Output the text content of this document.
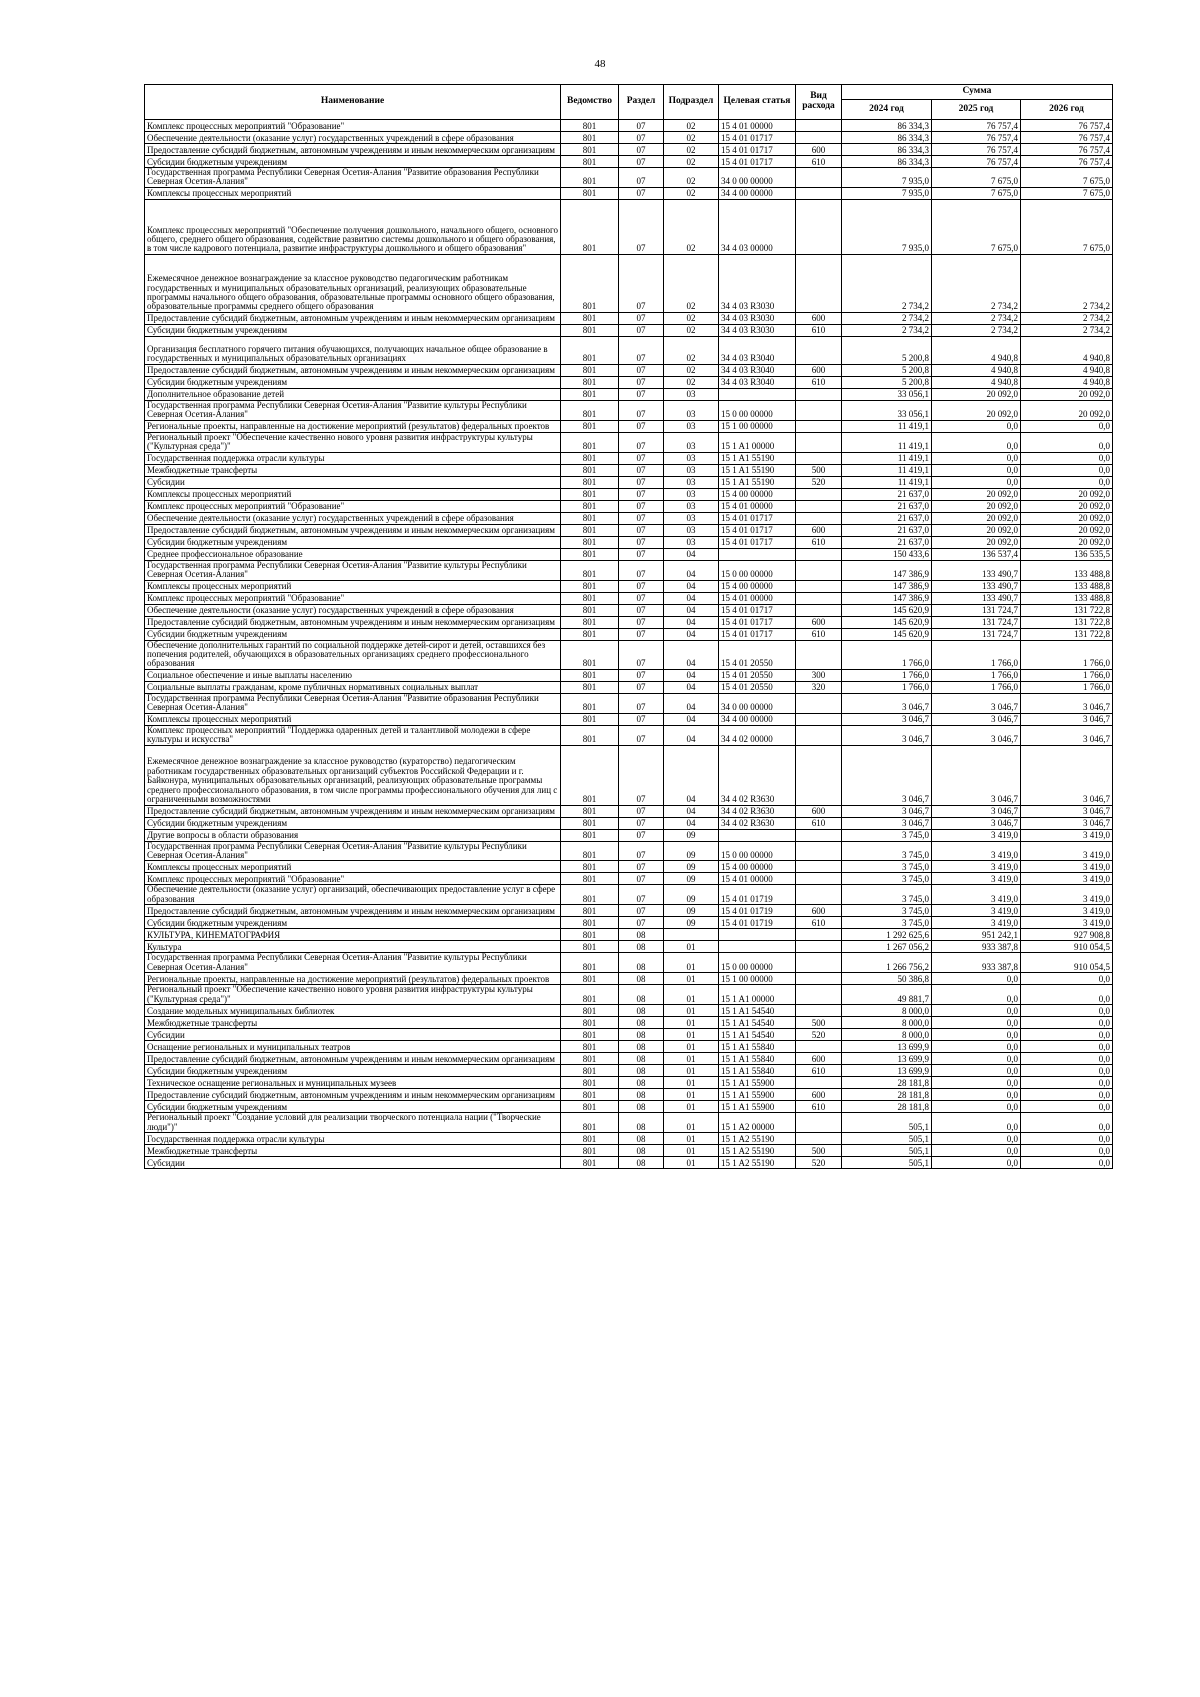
48
Наименование	Ведомство	Раздел	Подраздел	Целевая статья	Вид расхода	Сумма		
						2024 год	2025 год	2026 год
Комплекс процессных мероприятий "Образование"	801	07	02	15 4 01 00000		86 334,3	76 757,4	76 757,4
Обеспечение деятельности (оказание услуг) государственных учреждений в сфере образования	801	07	02	15 4 01 01717		86 334,3	76 757,4	76 757,4
Предоставление субсидий бюджетным, автономным учреждениям и иным некоммерческим организациям	801	07	02	15 4 01 01717	600	86 334,3	76 757,4	76 757,4
Субсидии бюджетным учреждениям	801	07	02	15 4 01 01717	610	86 334,3	76 757,4	76 757,4
Государственная программа Республики Северная Осетия-Алания "Развитие образования Республики Северная Осетия-Алания"	801	07	02	34 0 00 00000		7 935,0	7 675,0	7 675,0
Комплексы процессных мероприятий	801	07	02	34 4 00 00000		7 935,0	7 675,0	7 675,0
Комплекс процессных мероприятий "Обеспечение получения дошкольного, начального общего, основного общего, среднего общего образования, содействие развитию системы дошкольного и общего образования, в том числе кадрового потенциала, развитие инфраструктуры дошкольного и общего образования"	801	07	02	34 4 03 00000		7 935,0	7 675,0	7 675,0
Ежемесячное денежное вознаграждение за классное руководство педагогическим работникам государственных и муниципальных образовательных организаций, реализующих образовательные программы начального общего образования, образовательные программы основного общего образования, образовательные программы среднего общего образования	801	07	02	34 4 03 R3030		2 734,2	2 734,2	2 734,2
Предоставление субсидий бюджетным, автономным учреждениям и иным некоммерческим организациям	801	07	02	34 4 03 R3030	600	2 734,2	2 734,2	2 734,2
Субсидии бюджетным учреждениям	801	07	02	34 4 03 R3030	610	2 734,2	2 734,2	2 734,2
Организация бесплатного горячего питания обучающихся, получающих начальное общее образование в государственных и муниципальных образовательных организациях	801	07	02	34 4 03 R3040		5 200,8	4 940,8	4 940,8
Предоставление субсидий бюджетным, автономным учреждениям и иным некоммерческим организациям	801	07	02	34 4 03 R3040	600	5 200,8	4 940,8	4 940,8
Субсидии бюджетным учреждениям	801	07	02	34 4 03 R3040	610	5 200,8	4 940,8	4 940,8
Дополнительное образование детей	801	07	03			33 056,1	20 092,0	20 092,0
Государственная программа Республики Северная Осетия-Алания "Развитие культуры Республики Северная Осетия-Алания"	801	07	03	15 0 00 00000		33 056,1	20 092,0	20 092,0
Региональные проекты, направленные на достижение мероприятий (результатов) федеральных проектов	801	07	03	15 1 00 00000		11 419,1	0,0	0,0
Региональный проект "Обеспечение качественно нового уровня развития инфраструктуры культуры ("Культурная среда")"	801	07	03	15 1 A1 00000		11 419,1	0,0	0,0
Государственная поддержка отрасли культуры	801	07	03	15 1 A1 55190		11 419,1	0,0	0,0
Межбюджетные трансферты	801	07	03	15 1 A1 55190	500	11 419,1	0,0	0,0
Субсидии	801	07	03	15 1 A1 55190	520	11 419,1	0,0	0,0
Комплексы процессных мероприятий	801	07	03	15 4 00 00000		21 637,0	20 092,0	20 092,0
Комплекс процессных мероприятий "Образование"	801	07	03	15 4 01 00000		21 637,0	20 092,0	20 092,0
Обеспечение деятельности (оказание услуг) государственных учреждений в сфере образования	801	07	03	15 4 01 01717		21 637,0	20 092,0	20 092,0
Предоставление субсидий бюджетным, автономным учреждениям и иным некоммерческим организациям	801	07	03	15 4 01 01717	600	21 637,0	20 092,0	20 092,0
Субсидии бюджетным учреждениям	801	07	03	15 4 01 01717	610	21 637,0	20 092,0	20 092,0
Среднее профессиональное образование	801	07	04			150 433,6	136 537,4	136 535,5
Государственная программа Республики Северная Осетия-Алания "Развитие культуры Республики Северная Осетия-Алания"	801	07	04	15 0 00 00000		147 386,9	133 490,7	133 488,8
Комплексы процессных мероприятий	801	07	04	15 4 00 00000		147 386,9	133 490,7	133 488,8
Комплекс процессных мероприятий "Образование"	801	07	04	15 4 01 00000		147 386,9	133 490,7	133 488,8
Обеспечение деятельности (оказание услуг) государственных учреждений в сфере образования	801	07	04	15 4 01 01717		145 620,9	131 724,7	131 722,8
Предоставление субсидий бюджетным, автономным учреждениям и иным некоммерческим организациям	801	07	04	15 4 01 01717	600	145 620,9	131 724,7	131 722,8
Субсидии бюджетным учреждениям	801	07	04	15 4 01 01717	610	145 620,9	131 724,7	131 722,8
Обеспечение дополнительных гарантий по социальной поддержке детей-сирот и детей, оставшихся без попечения родителей, обучающихся в образовательных организациях среднего профессионального образования	801	07	04	15 4 01 20550		1 766,0	1 766,0	1 766,0
Социальное обеспечение и иные выплаты населению	801	07	04	15 4 01 20550	300	1 766,0	1 766,0	1 766,0
Социальные выплаты гражданам, кроме публичных нормативных социальных выплат	801	07	04	15 4 01 20550	320	1 766,0	1 766,0	1 766,0
Государственная программа Республики Северная Осетия-Алания "Развитие образования Республики Северная Осетия-Алания"	801	07	04	34 0 00 00000		3 046,7	3 046,7	3 046,7
Комплексы процессных мероприятий	801	07	04	34 4 00 00000		3 046,7	3 046,7	3 046,7
Комплекс процессных мероприятий "Поддержка одаренных детей и талантливой молодежи в сфере культуры и искусства"	801	07	04	34 4 02 00000		3 046,7	3 046,7	3 046,7
Ежемесячное денежное вознаграждение за классное руководство (кураторство) педагогическим работникам государственных образовательных организаций субъектов Российской Федерации и г. Байконура, муниципальных образовательных организаций, реализующих образовательные программы среднего профессионального образования, в том числе программы профессионального обучения для лиц с ограниченными возможностями	801	07	04	34 4 02 R3630		3 046,7	3 046,7	3 046,7
Предоставление субсидий бюджетным, автономным учреждениям и иным некоммерческим организациям	801	07	04	34 4 02 R3630	600	3 046,7	3 046,7	3 046,7
Субсидии бюджетным учреждениям	801	07	04	34 4 02 R3630	610	3 046,7	3 046,7	3 046,7
Другие вопросы в области образования	801	07	09			3 745,0	3 419,0	3 419,0
Государственная программа Республики Северная Осетия-Алания "Развитие культуры Республики Северная Осетия-Алания"	801	07	09	15 0 00 00000		3 745,0	3 419,0	3 419,0
Комплексы процессных мероприятий	801	07	09	15 4 00 00000		3 745,0	3 419,0	3 419,0
Комплекс процессных мероприятий "Образование"	801	07	09	15 4 01 00000		3 745,0	3 419,0	3 419,0
Обеспечение деятельности (оказание услуг) организаций, обеспечивающих предоставление услуг в сфере образования	801	07	09	15 4 01 01719		3 745,0	3 419,0	3 419,0
Предоставление субсидий бюджетным, автономным учреждениям и иным некоммерческим организациям	801	07	09	15 4 01 01719	600	3 745,0	3 419,0	3 419,0
Субсидии бюджетным учреждениям	801	07	09	15 4 01 01719	610	3 745,0	3 419,0	3 419,0
КУЛЬТУРА, КИНЕМАТОГРАФИЯ	801	08				1 292 625,6	951 242,1	927 908,8
Культура	801	08	01			1 267 056,2	933 387,8	910 054,5
Государственная программа Республики Северная Осетия-Алания "Развитие культуры Республики Северная Осетия-Алания"	801	08	01	15 0 00 00000		1 266 756,2	933 387,8	910 054,5
Региональные проекты, направленные на достижение мероприятий (результатов) федеральных проектов	801	08	01	15 1 00 00000		50 386,8	0,0	0,0
Региональный проект "Обеспечение качественно нового уровня развития инфраструктуры культуры ("Культурная среда")"	801	08	01	15 1 A1 00000		49 881,7	0,0	0,0
Создание модельных муниципальных библиотек	801	08	01	15 1 A1 54540		8 000,0	0,0	0,0
Межбюджетные трансферты	801	08	01	15 1 A1 54540	500	8 000,0	0,0	0,0
Субсидии	801	08	01	15 1 A1 54540	520	8 000,0	0,0	0,0
Оснащение региональных и муниципальных театров	801	08	01	15 1 A1 55840		13 699,9	0,0	0,0
Предоставление субсидий бюджетным, автономным учреждениям и иным некоммерческим организациям	801	08	01	15 1 A1 55840	600	13 699,9	0,0	0,0
Субсидии бюджетным учреждениям	801	08	01	15 1 A1 55840	610	13 699,9	0,0	0,0
Техническое оснащение региональных и муниципальных музеев	801	08	01	15 1 A1 55900		28 181,8	0,0	0,0
Предоставление субсидий бюджетным, автономным учреждениям и иным некоммерческим организациям	801	08	01	15 1 A1 55900	600	28 181,8	0,0	0,0
Субсидии бюджетным учреждениям	801	08	01	15 1 A1 55900	610	28 181,8	0,0	0,0
Региональный проект "Создание условий для реализации творческого потенциала нации ("Творческие люди")"	801	08	01	15 1 A2 00000		505,1	0,0	0,0
Государственная поддержка отрасли культуры	801	08	01	15 1 A2 55190		505,1	0,0	0,0
Межбюджетные трансферты	801	08	01	15 1 A2 55190	500	505,1	0,0	0,0
Субсидии	801	08	01	15 1 A2 55190	520	505,1	0,0	0,0
